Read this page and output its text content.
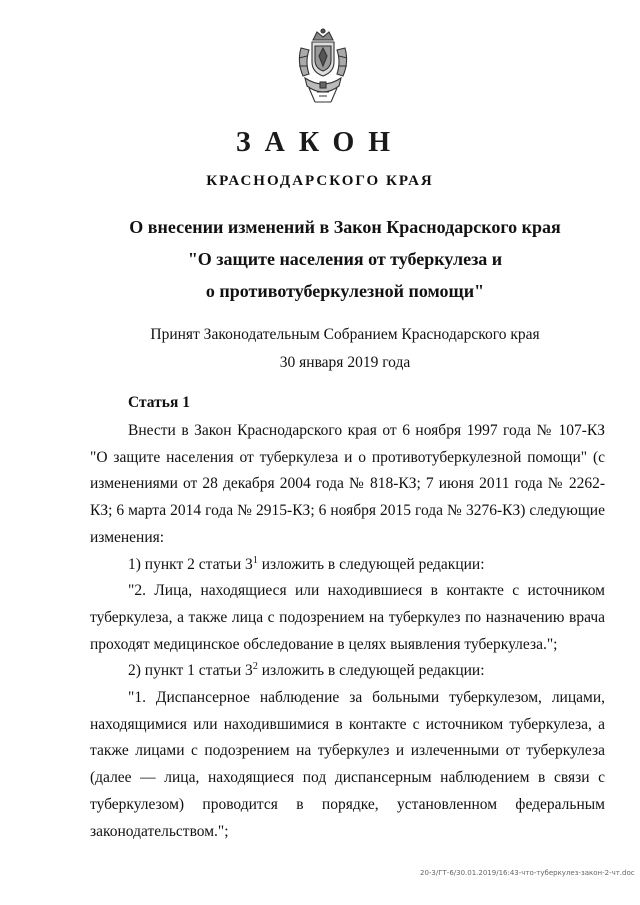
ЗАКОН
КРАСНОДАРСКОГО КРАЯ
О внесении изменений в Закон Краснодарского края
"О защите населения от туберкулеза и
о противотуберкулезной помощи"
Принят Законодательным Собранием Краснодарского края
30 января 2019 года
Статья 1

Внести в Закон Краснодарского края от 6 ноября 1997 года № 107-КЗ "О защите населения от туберкулеза и о противотуберкулезной помощи" (с изменениями от 28 декабря 2004 года № 818-КЗ; 7 июня 2011 года № 2262-КЗ; 6 марта 2014 года № 2915-КЗ; 6 ноября 2015 года № 3276-КЗ) следующие изменения:

1) пункт 2 статьи $3^1$ изложить в следующей редакции:

"2. Лица, находящиеся или находившиеся в контакте с источником туберкулеза, а также лица с подозрением на туберкулез по назначению врача проходят медицинское обследование в целях выявления туберкулеза.";

2) пункт 1 статьи $3^2$ изложить в следующей редакции:

"1. Диспансерное наблюдение за больными туберкулезом, лицами, находящимися или находившимися в контакте с источником туберкулеза, а также лицами с подозрением на туберкулез и излеченными от туберкулеза (далее — лица, находящиеся под диспансерным наблюдением в связи с туберкулезом) проводится в порядке, установленном федеральным законодательством.";

20-3/ГТ-6/30.01.2019/16:43-что-туберкулез-закон-2-чт.doc
